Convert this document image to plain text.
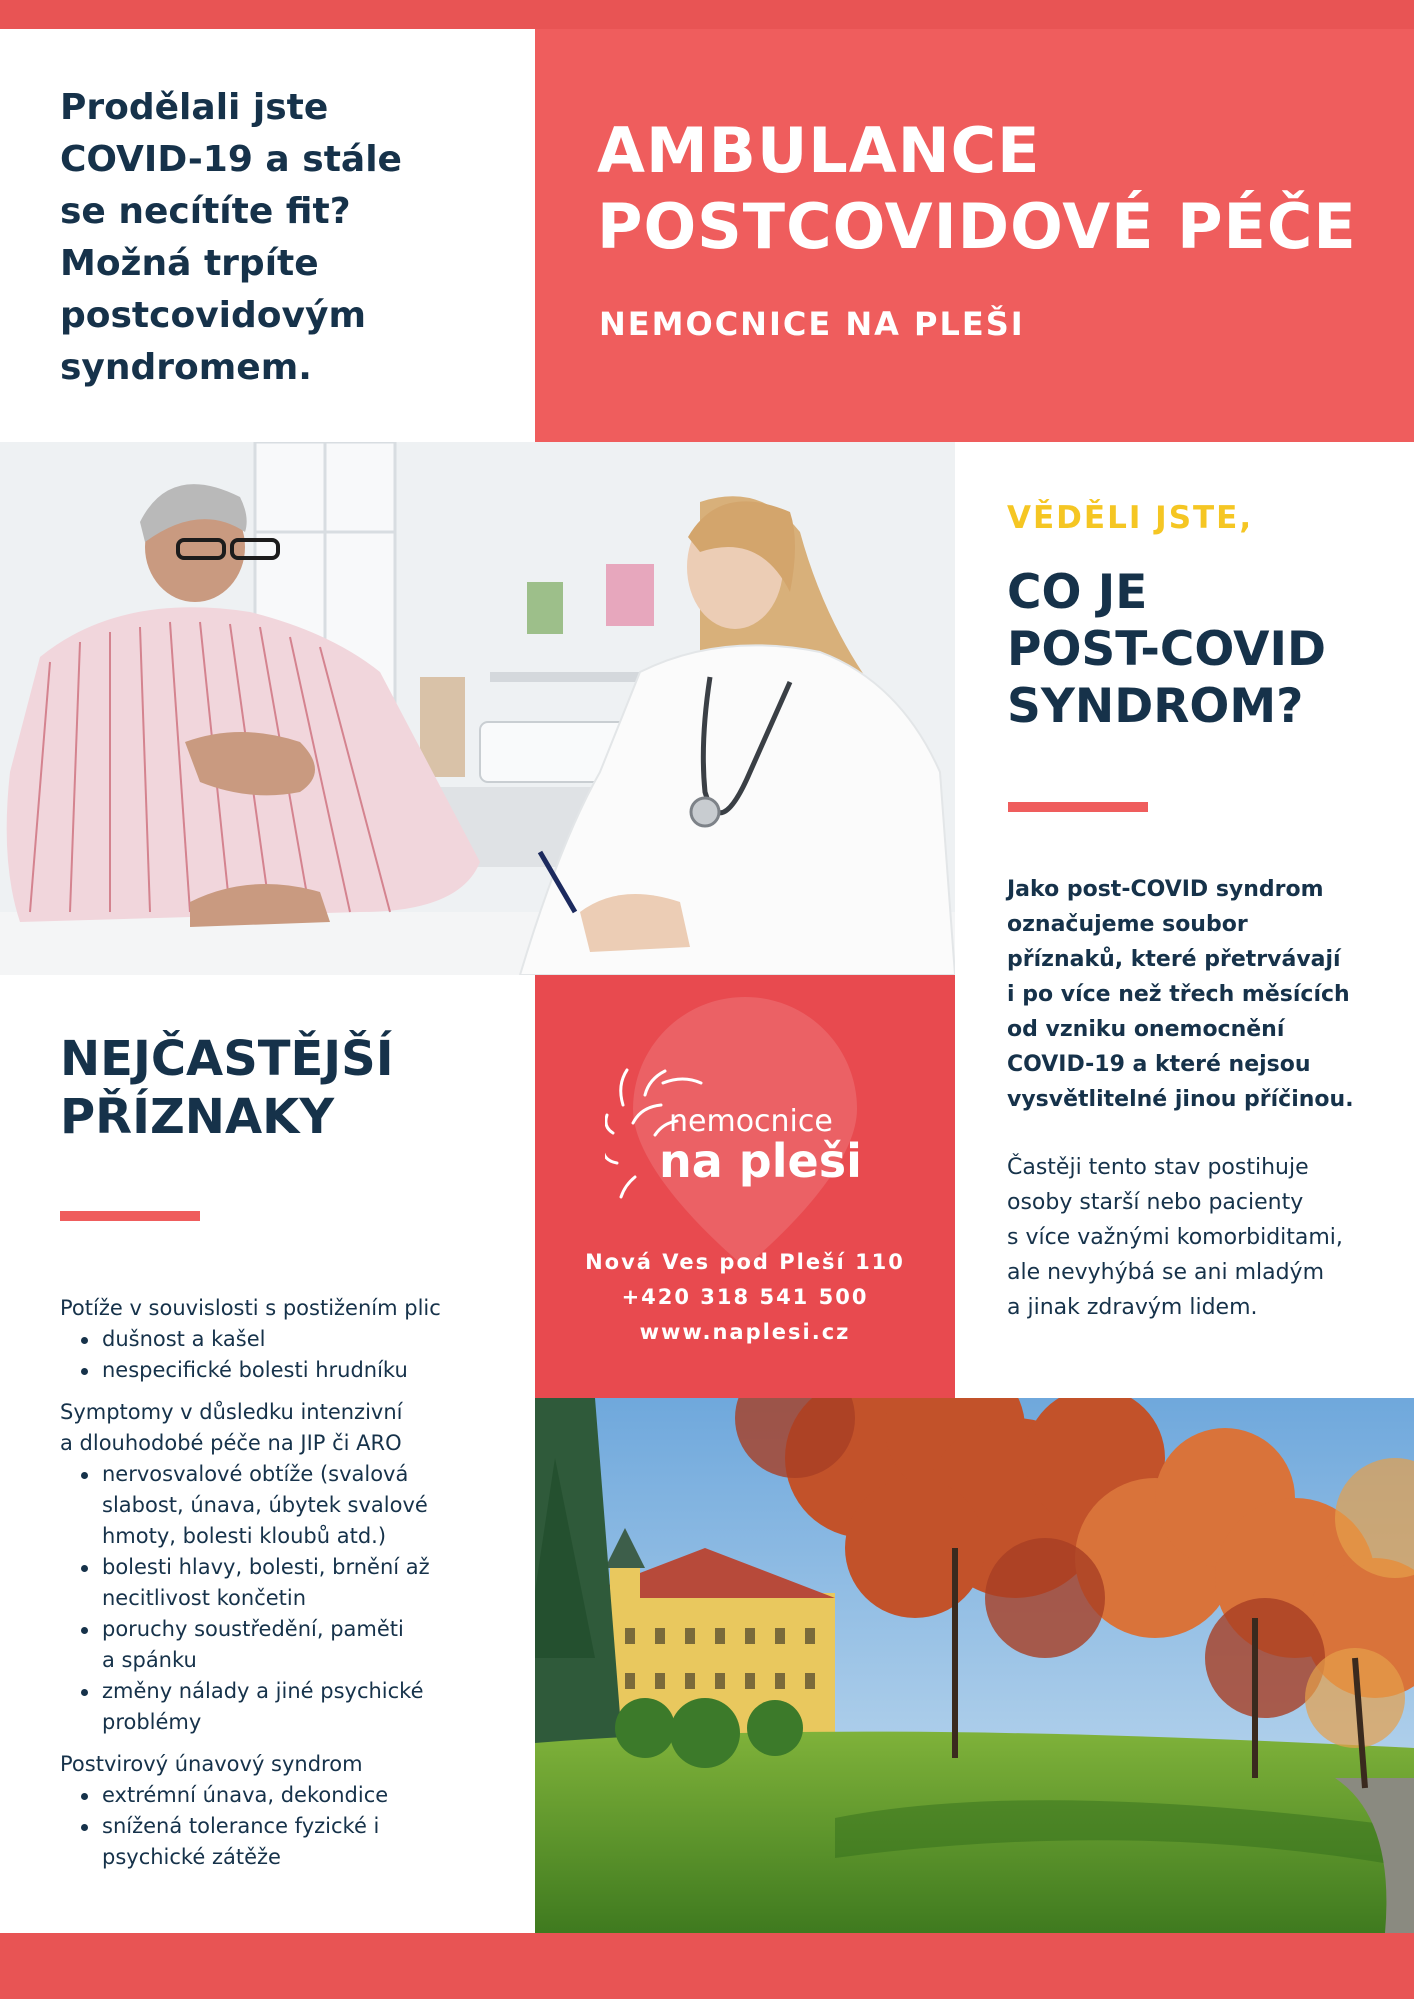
Prodělali jste
COVID-19 a stále
se necítíte fit?
Možná trpíte
postcovidovým
syndromem.
AMBULANCE
POSTCOVIDOVÉ PÉČE
NEMOCNICE NA PLEŠI
VĚDĚLI JSTE,
CO JE
POST-COVID
SYNDROM?
Jako post-COVID syndrom
označujeme soubor
příznaků, které přetrvávají
i po více než třech měsících
od vzniku onemocnění
COVID-19 a které nejsou
vysvětlitelné jinou příčinou.
Častěji tento stav postihuje
osoby starší nebo pacienty
s více važnými komorbiditami,
ale nevyhýbá se ani mladým
a jinak zdravým lidem.
NEJČASTĚJŠÍ
PŘÍZNAKY
Potíže v souvislosti s postižením plic
dušnost a kašel
nespecifické bolesti hrudníku
Symptomy v důsledku intenzivní
a dlouhodobé péče na JIP či ARO
nervosvalové obtíže (svalová
slabost, únava, úbytek svalové
hmoty, bolesti kloubů atd.)
bolesti hlavy, bolesti, brnění až
necitlivost končetin
poruchy soustředění, paměti
a spánku
změny nálady a jiné psychické
problémy
Postvirový únavový syndrom
extrémní únava, dekondice
snížená tolerance fyzické i
psychické zátěže
nemocnice
na pleši
Nová Ves pod Pleší 110
+420 318 541 500
www.naplesi.cz
